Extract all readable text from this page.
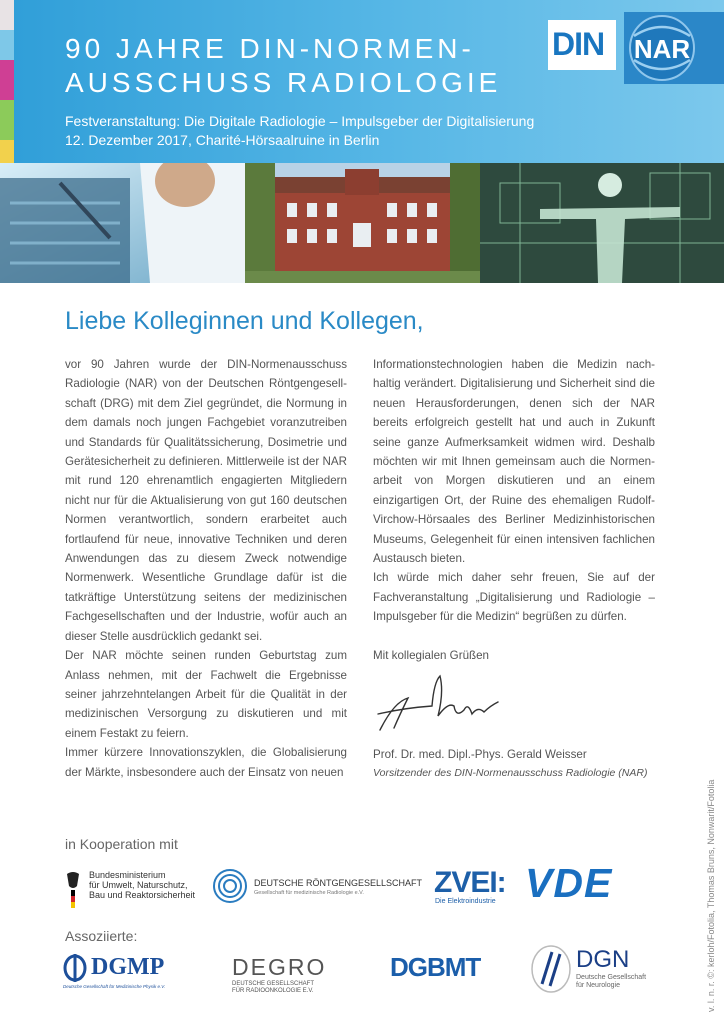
90 JAHRE DIN-NORMEN-
AUSSCHUSS RADIOLOGIE
Festveranstaltung: Die Digitale Radiologie – Impulsgeber der Digitalisierung
12. Dezember 2017, Charité-Hörsaalruine in Berlin
DIN NAR
Liebe Kolleginnen und Kollegen,

vor 90 Jahren wurde der DIN-Normenausschuss Radiologie (NAR) von der Deutschen Röntgengesell-schaft (DRG) mit dem Ziel gegründet, die Normung in dem damals noch jungen Fachgebiet voranzutreiben und Standards für Qualitätssicherung, Dosimetrie und Gerätesicherheit zu definieren. Mittlerweile ist der NAR mit rund 120 ehrenamtlich engagierten Mitgliedern nicht nur für die Aktualisierung von gut 160 deutschen Normen verantwortlich, sondern erarbeitet auch fortlaufend für neue, innovative Techniken und deren Anwendungen das zu diesem Zweck notwendige Normenwerk. Wesentliche Grundlage dafür ist die tatkräftige Unterstützung seitens der medizinischen Fachgesellschaften und der Industrie, wofür auch an dieser Stelle ausdrücklich gedankt sei.

Der NAR möchte seinen runden Geburtstag zum Anlass nehmen, mit der Fachwelt die Ergebnisse seiner jahrzehntelangen Arbeit für die Qualität in der medizinischen Versorgung zu diskutieren und mit einem Festakt zu feiern.

Immer kürzere Innovationszyklen, die Globalisierung der Märkte, insbesondere auch der Einsatz von neuen

Informationstechnologien haben die Medizin nach-haltig verändert. Digitalisierung und Sicherheit sind die neuen Herausforderungen, denen sich der NAR bereits erfolgreich gestellt hat und auch in Zukunft seine ganze Aufmerksamkeit widmen wird. Deshalb möchten wir mit Ihnen gemeinsam auch die Normen-arbeit von Morgen diskutieren und an einem einzigartigen Ort, der Ruine des ehemaligen Rudolf-Virchow-Hörsaales des Berliner Medizinhistorischen Museums, Gelegenheit für einen intensiven fachlichen Austausch bieten.

Ich würde mich daher sehr freuen, Sie auf der Fachveranstaltung „Digitalisierung und Radiologie – Impulsgeber für die Medizin“ begrüßen zu dürfen.

Mit kollegialen Grüßen

Prof. Dr. med. Dipl.-Phys. Gerald Weisser
Vorsitzender des DIN-Normenausschuss Radiologie (NAR)
v. l. n. r. ©: kerloh/Fotolia, Thomas Bruns, Nonwarit/Fotolia
in Kooperation mit
Bundesministerium
für Umwelt, Naturschutz,
Bau und Reaktorsicherheit
DEUTSCHE RÖNTGENGESELLSCHAFT
Gesellschaft für medizinische Radiologie e.V. ZVEI:
Die Elektroindustrie VDE
Assoziierte:
DGMP
Deutsche Gesellschaft für Medizinische Physik e.V.
DEGRO
DEUTSCHE GESELLSCHAFT
FÜR RADIOONKOLOGIE E.V.
DGBMT	DGN
Deutsche Gesellschaft
für Neurologie
